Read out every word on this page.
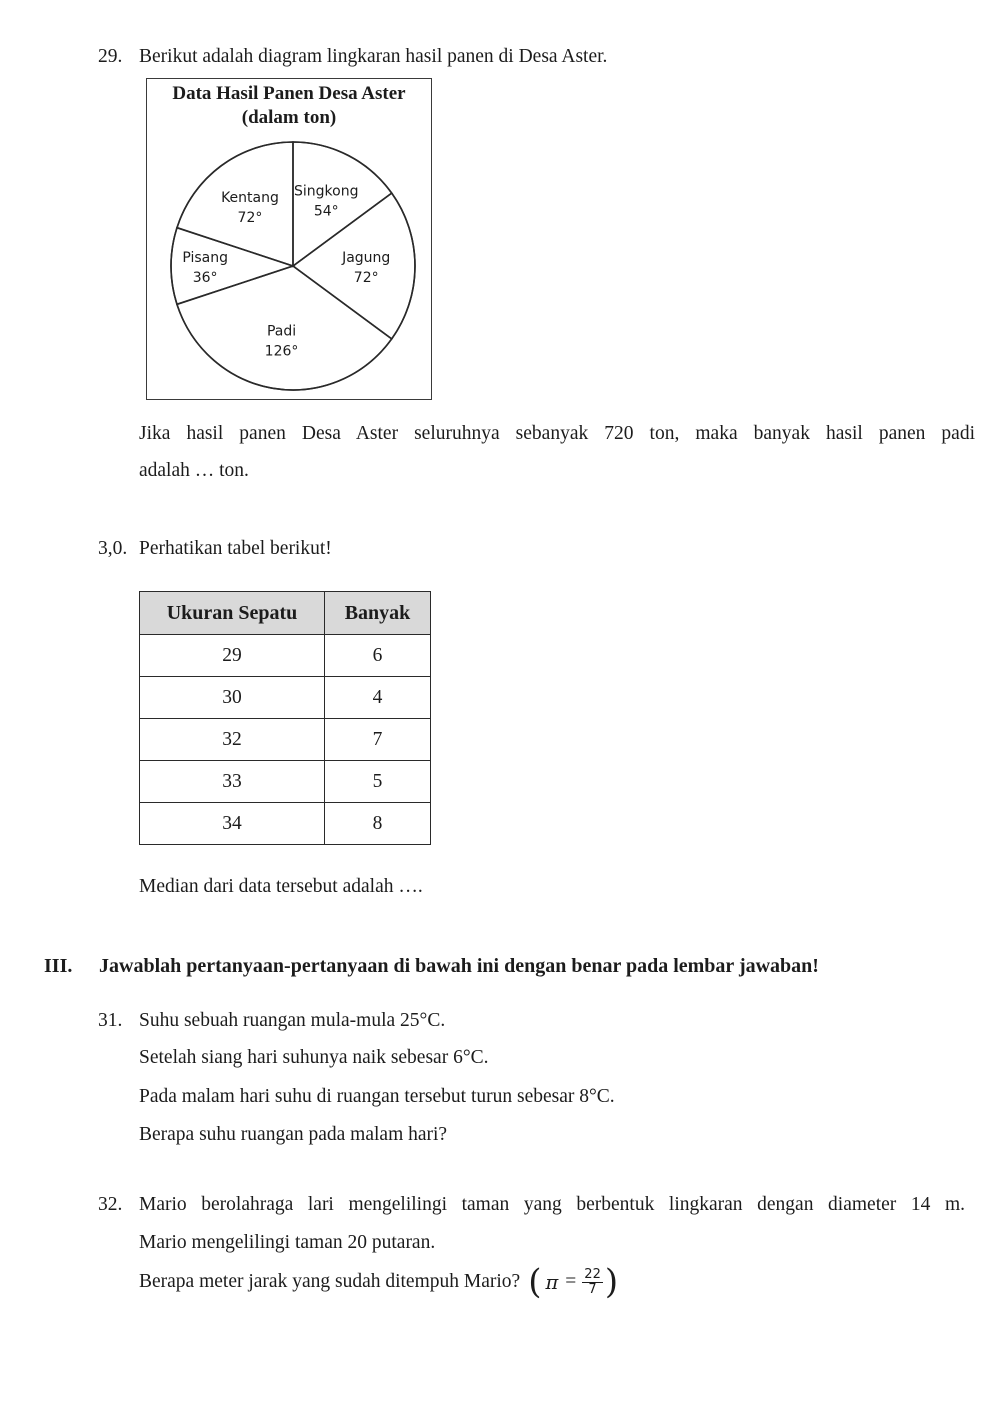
29. Berikut adalah diagram lingkaran hasil panen di Desa Aster.
Data Hasil Panen Desa Aster
(dalam ton)
Singkong
54°
Jagung
72°
Padi
126°
Pisang
36°
Kentang
72°
Jika hasil panen Desa Aster seluruhnya sebanyak 720 ton, maka banyak hasil panen padi
adalah … ton.
3,0. Perhatikan tabel berikut!
Ukuran Sepatu	Banyak
29	6
30	4
32	7
33	5
34	8
Median dari data tersebut adalah ….
III. Jawablah pertanyaan-pertanyaan di bawah ini dengan benar pada lembar jawaban!
31. Suhu sebuah ruangan mula-mula 25°C.
Setelah siang hari suhunya naik sebesar 6°C.
Pada malam hari suhu di ruangan tersebut turun sebesar 8°C.
Berapa suhu ruangan pada malam hari?
32. Mario berolahraga lari mengelilingi taman yang berbentuk lingkaran dengan diameter 14 m.
Mario mengelilingi taman 20 putaran.
Berapa meter jarak yang sudah ditempuh Mario? ( $\pi = \frac{22}{7}$ )
